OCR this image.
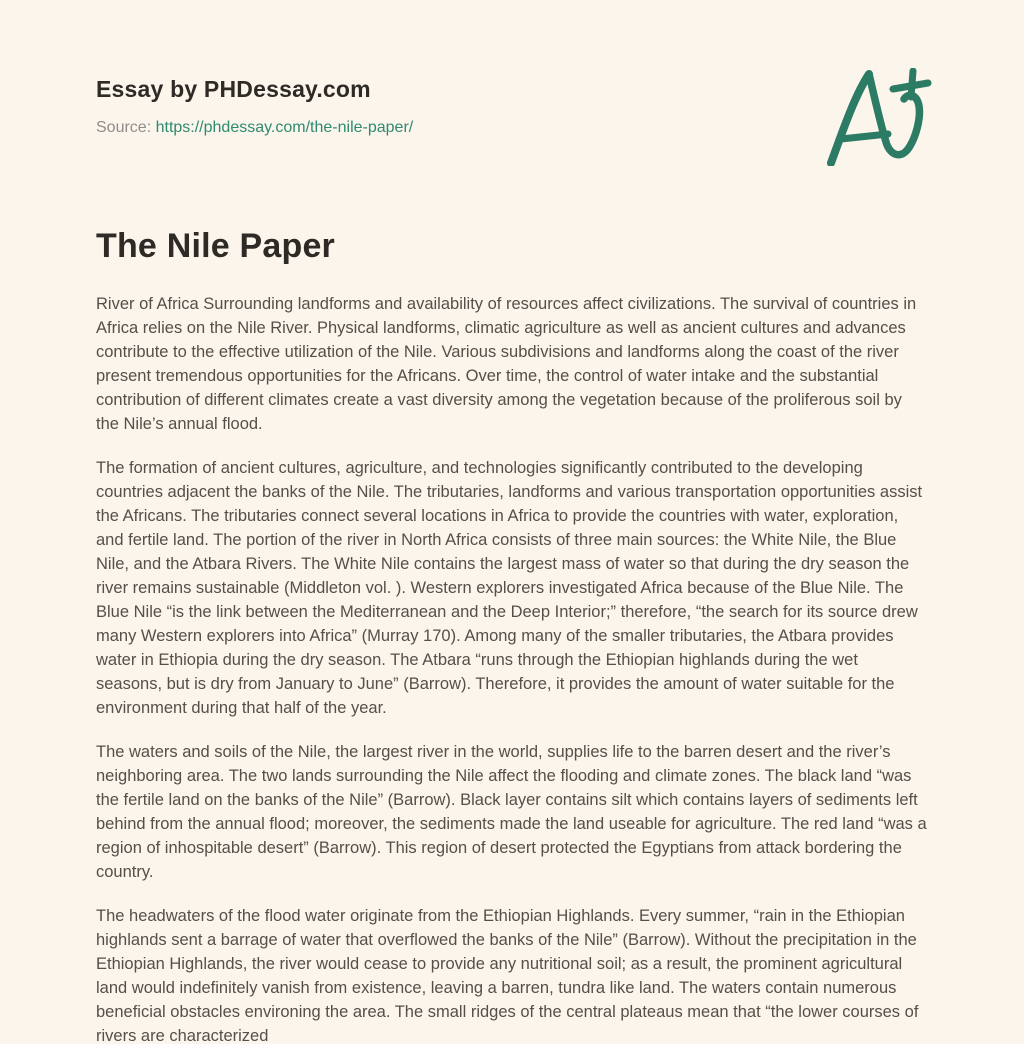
Essay by PHDessay.com
Source: https://phdessay.com/the-nile-paper/
The Nile Paper

River of Africa Surrounding landforms and availability of resources affect civilizations. The survival of countries in Africa relies on the Nile River. Physical landforms, climatic agriculture as well as ancient cultures and advances contribute to the effective utilization of the Nile. Various subdivisions and landforms along the coast of the river present tremendous opportunities for the Africans. Over time, the control of water intake and the substantial contribution of different climates create a vast diversity among the vegetation because of the proliferous soil by the Nile’s annual flood.

The formation of ancient cultures, agriculture, and technologies significantly contributed to the developing countries adjacent the banks of the Nile. The tributaries, landforms and various transportation opportunities assist the Africans. The tributaries connect several locations in Africa to provide the countries with water, exploration, and fertile land. The portion of the river in North Africa consists of three main sources: the White Nile, the Blue Nile, and the Atbara Rivers. The White Nile contains the largest mass of water so that during the dry season the river remains sustainable (Middleton vol. ). Western explorers investigated Africa because of the Blue Nile. The Blue Nile “is the link between the Mediterranean and the Deep Interior;” therefore, “the search for its source drew many Western explorers into Africa” (Murray 170). Among many of the smaller tributaries, the Atbara provides water in Ethiopia during the dry season. The Atbara “runs through the Ethiopian highlands during the wet seasons, but is dry from January to June” (Barrow). Therefore, it provides the amount of water suitable for the environment during that half of the year.

The waters and soils of the Nile, the largest river in the world, supplies life to the barren desert and the river’s neighboring area. The two lands surrounding the Nile affect the flooding and climate zones. The black land “was the fertile land on the banks of the Nile” (Barrow). Black layer contains silt which contains layers of sediments left behind from the annual flood; moreover, the sediments made the land useable for agriculture. The red land “was a region of inhospitable desert” (Barrow). This region of desert protected the Egyptians from attack bordering the country.

The headwaters of the flood water originate from the Ethiopian Highlands. Every summer, “rain in the Ethiopian highlands sent a barrage of water that overflowed the banks of the Nile” (Barrow). Without the precipitation in the Ethiopian Highlands, the river would cease to provide any nutritional soil; as a result, the prominent agricultural land would indefinitely vanish from existence, leaving a barren, tundra like land. The waters contain numerous beneficial obstacles environing the area. The small ridges of the central plateaus mean that “the lower courses of rivers are characterized
